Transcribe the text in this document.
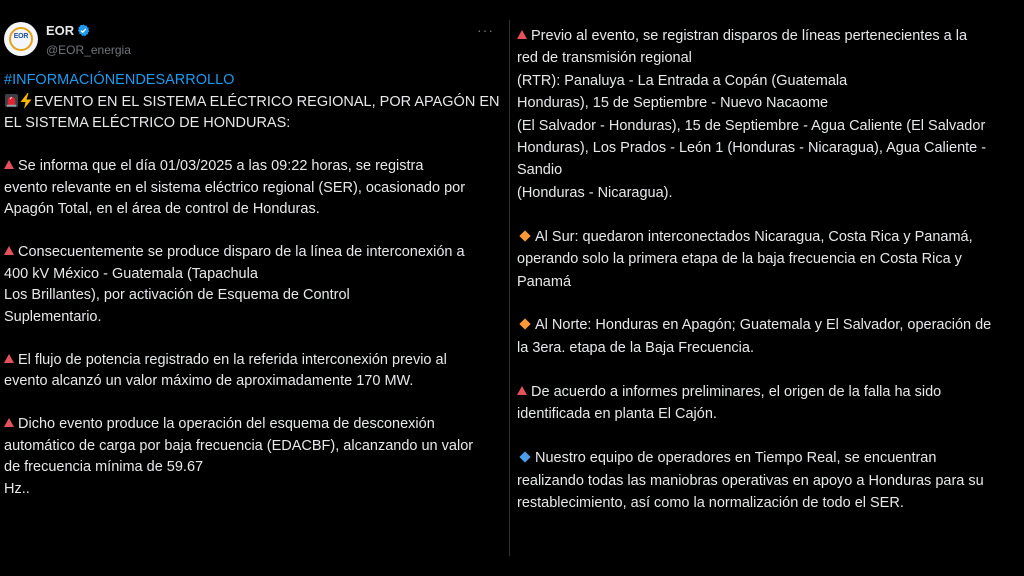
EOR	EOR
@EOR_energia
···

#INFORMACIÓNENDESARROLLO

EVENTO EN EL SISTEMA ELÉCTRICO REGIONAL, POR APAGÓN EN

EL SISTEMA ELÉCTRICO DE HONDURAS:

Se informa que el día 01/03/2025 a las 09:22 horas, se registra

evento relevante en el sistema eléctrico regional (SER), ocasionado por

Apagón Total, en el área de control de Honduras.

Consecuentemente se produce disparo de la línea de interconexión a

400 kV México - Guatemala (Tapachula

Los Brillantes), por activación de Esquema de Control

Suplementario.

El flujo de potencia registrado en la referida interconexión previo al

evento alcanzó un valor máximo de aproximadamente 170 MW.

Dicho evento produce la operación del esquema de desconexión

automático de carga por baja frecuencia (EDACBF), alcanzando un valor

de frecuencia mínima de 59.67

Hz..

Previo al evento, se registran disparos de líneas pertenecientes a la

red de transmisión regional

(RTR): Panaluya - La Entrada a Copán (Guatemala

Honduras), 15 de Septiembre - Nuevo Nacaome

(El Salvador - Honduras), 15 de Septiembre - Agua Caliente (El Salvador

Honduras), Los Prados - León 1 (Honduras - Nicaragua), Agua Caliente -

Sandio

(Honduras - Nicaragua).

Al Sur: quedaron interconectados Nicaragua, Costa Rica y Panamá,

operando solo la primera etapa de la baja frecuencia en Costa Rica y

Panamá

Al Norte: Honduras en Apagón; Guatemala y El Salvador, operación de

la 3era. etapa de la Baja Frecuencia.

De acuerdo a informes preliminares, el origen de la falla ha sido

identificada en planta El Cajón.

Nuestro equipo de operadores en Tiempo Real, se encuentran

realizando todas las maniobras operativas en apoyo a Honduras para su

restablecimiento, así como la normalización de todo el SER.
